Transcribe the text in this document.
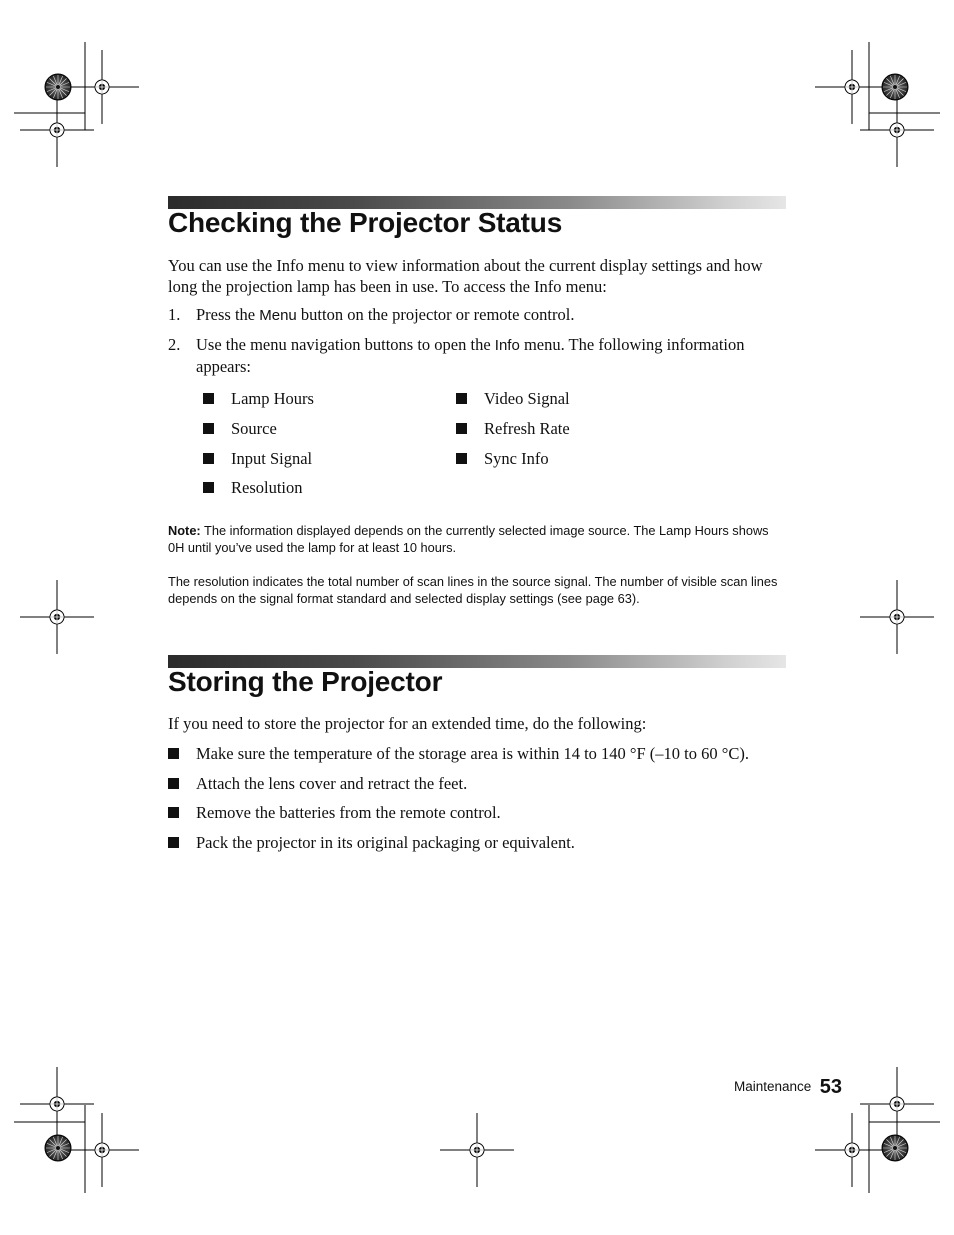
Checking the Projector Status
You can use the Info menu to view information about the current display settings and how long the projection lamp has been in use. To access the Info menu:
1. Press the Menu button on the projector or remote control.
2. Use the menu navigation buttons to open the Info menu. The following information appears:
Lamp Hours
Source
Input Signal
Resolution
Video Signal
Refresh Rate
Sync Info
Note: The information displayed depends on the currently selected image source. The Lamp Hours shows 0H until you’ve used the lamp for at least 10 hours.
The resolution indicates the total number of scan lines in the source signal. The number of visible scan lines depends on the signal format standard and selected display settings (see page 63).
Storing the Projector
If you need to store the projector for an extended time, do the following:
Make sure the temperature of the storage area is within 14 to 140 °F (–10 to 60 °C).
Attach the lens cover and retract the feet.
Remove the batteries from the remote control.
Pack the projector in its original packaging or equivalent.
Maintenance 53
